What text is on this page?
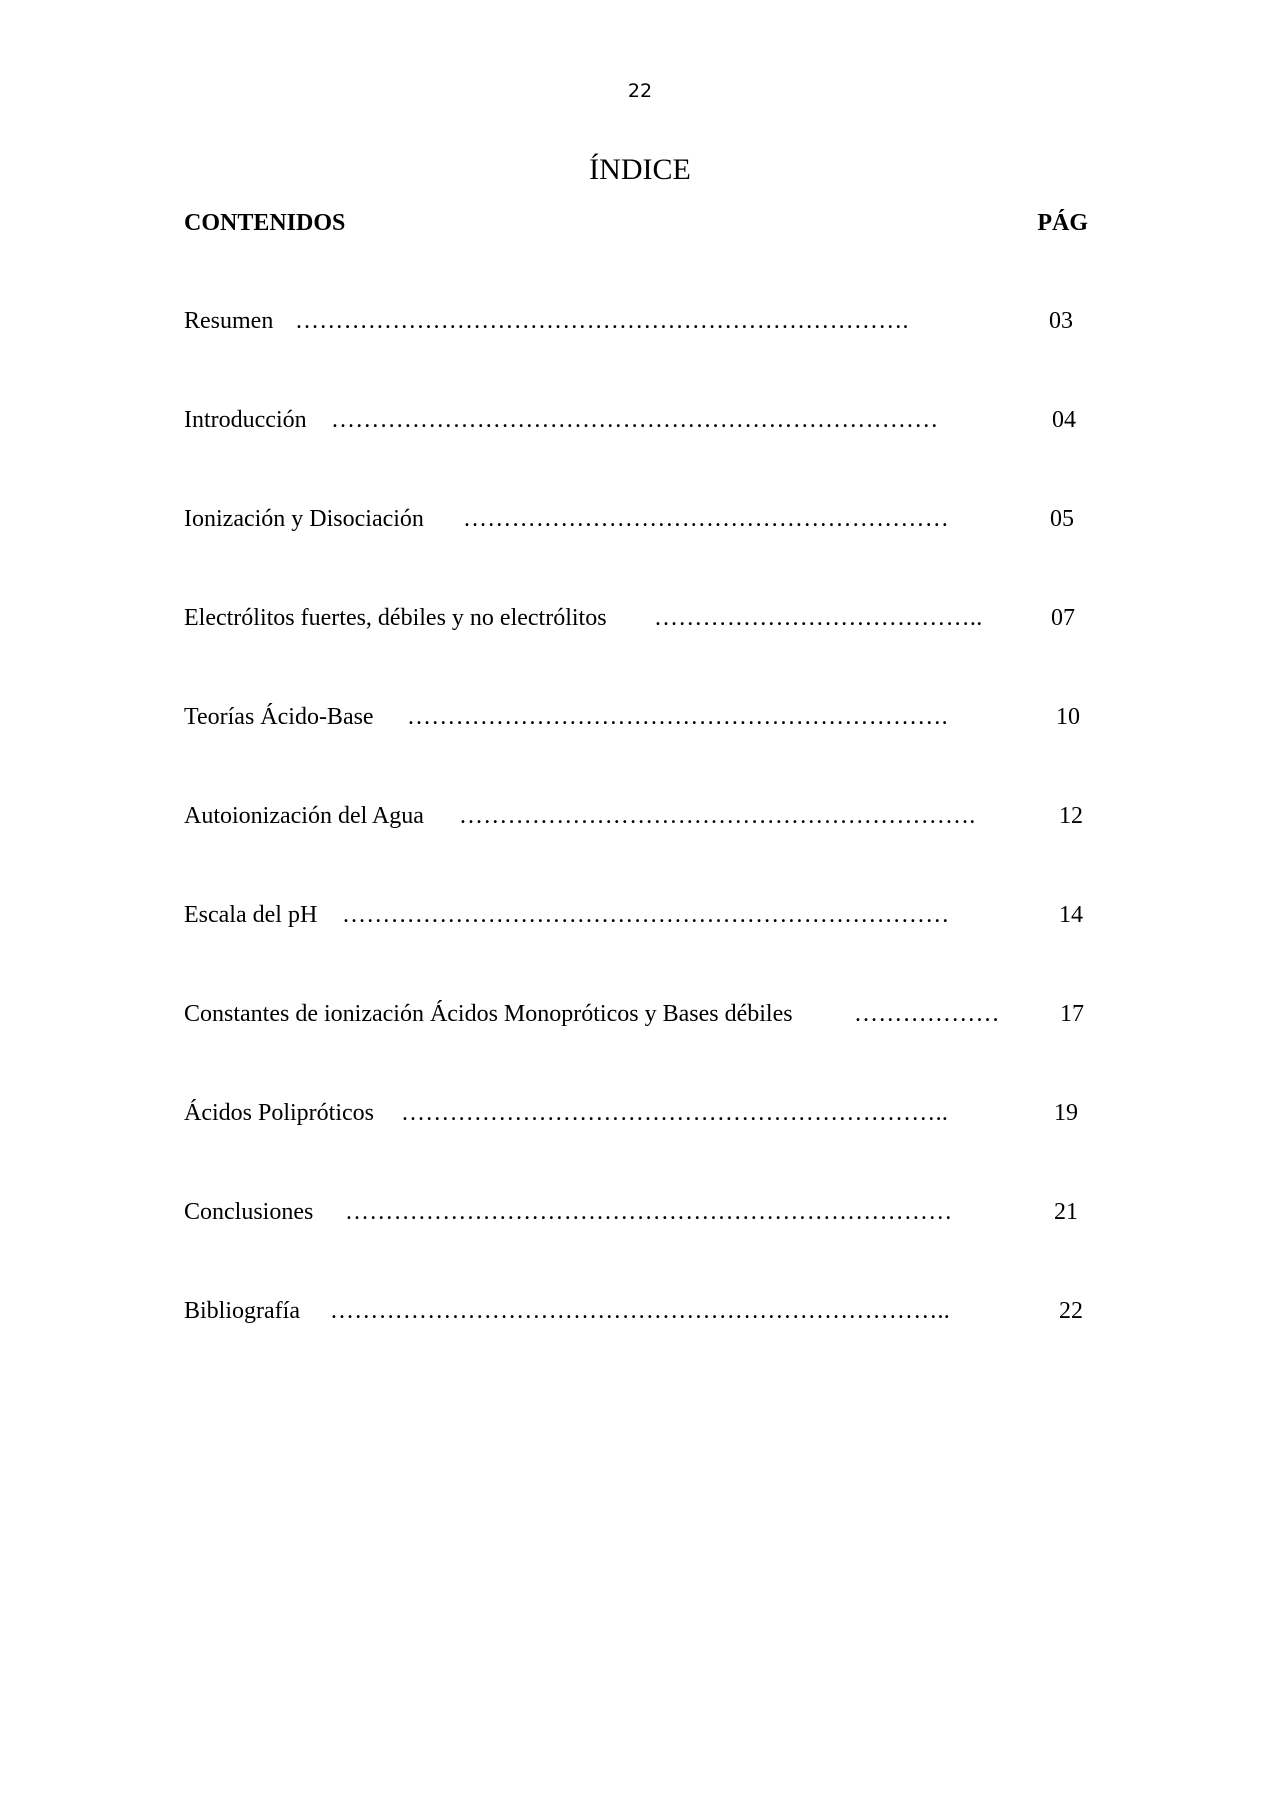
22
ÍNDICE
CONTENIDOS	PÁG
Resumen ………………………………………………………………….	03
Introducción …………………………………………………………………	04
Ionización y Disociación ……………………………………………………	05
Electrólitos fuertes, débiles y no electrólitos …………………………………..	07
Teorías Ácido-Base ………………………………………………………….	10
Autoionización del Agua ……………………………………………………….	12
Escala del pH …………………………………………………………………	14
Constantes de ionización Ácidos Monopróticos y Bases débiles	………………	17
Ácidos Polipróticos …………………………………………………………..	19
Conclusiones …………………………………………………………………	21
Bibliografía …………………………………………………………………..	22
